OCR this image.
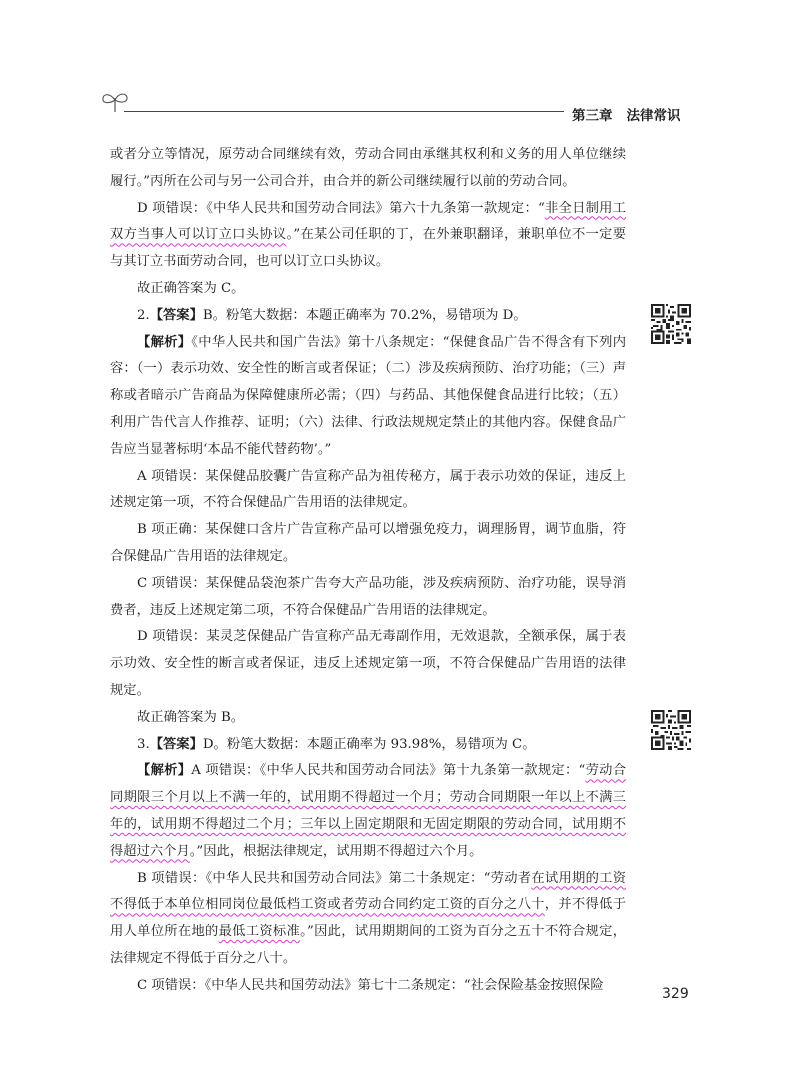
第三章 法律常识

或者分立等情况，原劳动合同继续有效，劳动合同由承继其权利和义务的用人单位继续履行。”丙所在公司与另一公司合并，由合并的新公司继续履行以前的劳动合同。

D 项错误：《中华人民共和国劳动合同法》第六十九条第一款规定：“非全日制用工双方当事人可以订立口头协议。”在某公司任职的丁，在外兼职翻译，兼职单位不一定要与其订立书面劳动合同，也可以订立口头协议。

故正确答案为 C。

2.【答案】B。粉笔大数据：本题正确率为 70.2%，易错项为 D。

【解析】《中华人民共和国广告法》第十八条规定：“保健食品广告不得含有下列内容：（一）表示功效、安全性的断言或者保证；（二）涉及疾病预防、治疗功能；（三）声称或者暗示广告商品为保障健康所必需；（四）与药品、其他保健食品进行比较；（五）利用广告代言人作推荐、证明；（六）法律、行政法规规定禁止的其他内容。保健食品广告应当显著标明‘本品不能代替药物’。”

A 项错误：某保健品胶囊广告宣称产品为祖传秘方，属于表示功效的保证，违反上述规定第一项，不符合保健品广告用语的法律规定。

B 项正确：某保健口含片广告宣称产品可以增强免疫力，调理肠胃，调节血脂，符合保健品广告用语的法律规定。

C 项错误：某保健品袋泡茶广告夸大产品功能，涉及疾病预防、治疗功能，误导消费者，违反上述规定第二项，不符合保健品广告用语的法律规定。

D 项错误：某灵芝保健品广告宣称产品无毒副作用，无效退款，全额承保，属于表示功效、安全性的断言或者保证，违反上述规定第一项，不符合保健品广告用语的法律规定。

故正确答案为 B。

3.【答案】D。粉笔大数据：本题正确率为 93.98%，易错项为 C。

【解析】A 项错误：《中华人民共和国劳动合同法》第十九条第一款规定：“劳动合同期限三个月以上不满一年的，试用期不得超过一个月；劳动合同期限一年以上不满三年的，试用期不得超过二个月；三年以上固定期限和无固定期限的劳动合同，试用期不得超过六个月。”因此，根据法律规定，试用期不得超过六个月。

B 项错误：《中华人民共和国劳动合同法》第二十条规定：“劳动者在试用期的工资不得低于本单位相同岗位最低档工资或者劳动合同约定工资的百分之八十，并不得低于用人单位所在地的最低工资标准。”因此，试用期期间的工资为百分之五十不符合规定，法律规定不得低于百分之八十。

C 项错误：《中华人民共和国劳动法》第七十二条规定：“社会保险基金按照保险

329
